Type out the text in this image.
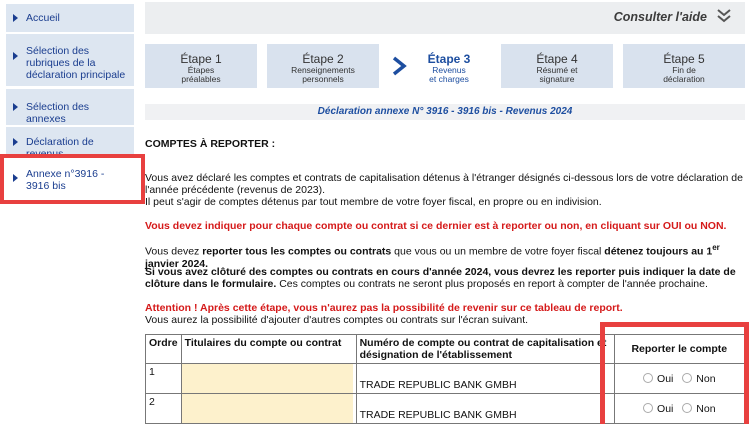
Accueil
Sélection des rubriques de la déclaration principale
Sélection des annexes
Déclaration de revenus
Annexe n°3916 - 3916 bis
Consulter l'aide
Étape 1
Étapes préalables
Étape 2
Renseignements personnels
Étape 3
Revenus et charges
Étape 4
Résumé et signature
Étape 5
Fin de déclaration
Déclaration annexe N° 3916 - 3916 bis - Revenus 2024
COMPTES À REPORTER :
Vous avez déclaré les comptes et contrats de capitalisation détenus à l'étranger désignés ci-dessous lors de votre déclaration de l'année précédente (revenus de 2023).
Il peut s'agir de comptes détenus par tout membre de votre foyer fiscal, en propre ou en indivision.
Vous devez indiquer pour chaque compte ou contrat si ce dernier est à reporter ou non, en cliquant sur OUI ou NON.
Vous devez reporter tous les comptes ou contrats que vous ou un membre de votre foyer fiscal détenez toujours au 1er janvier 2024.
Si vous avez clôturé des comptes ou contrats en cours d'année 2024, vous devrez les reporter puis indiquer la date de clôture dans le formulaire. Ces comptes ou contrats ne seront plus proposés en report à compter de l'année prochaine.
Attention ! Après cette étape, vous n'aurez pas la possibilité de revenir sur ce tableau de report.
Vous aurez la possibilité d'ajouter d'autres comptes ou contrats sur l'écran suivant.
Ordre	Titulaires du compte ou contrat	Numéro de compte ou contrat de capitalisation et désignation de l'établissement	Reporter le compte
1		TRADE REPUBLIC BANK GMBH	Oui Non
2		TRADE REPUBLIC BANK GMBH	Oui Non
